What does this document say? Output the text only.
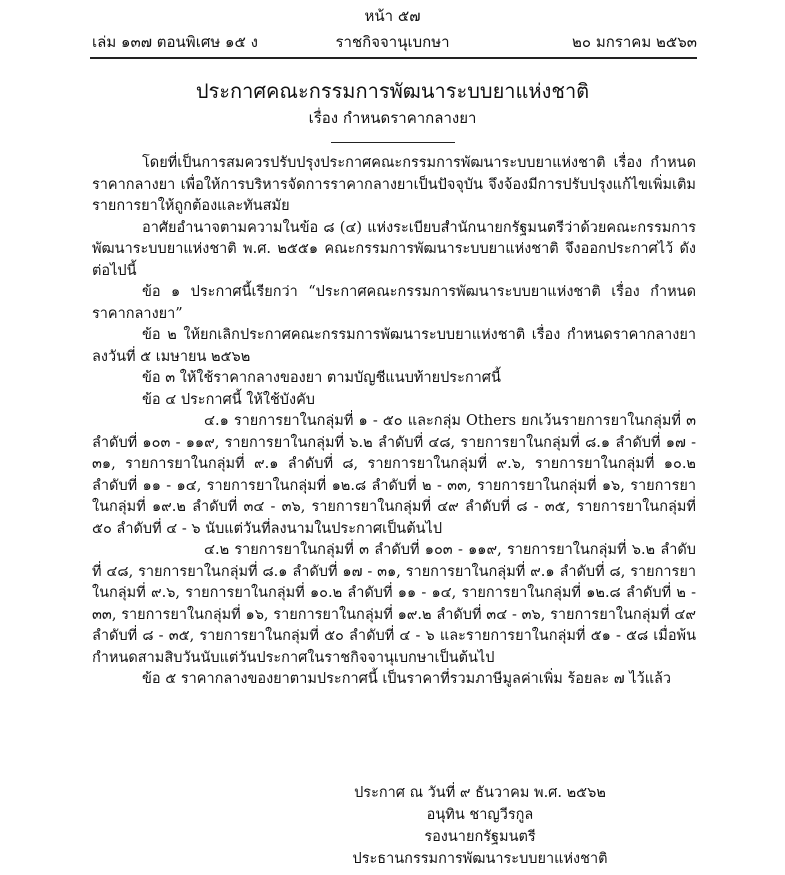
หน้า ๕๗
เล่ม ๑๓๗ ตอนพิเศษ ๑๕ ง	ราชกิจจานุเบกษา	๒๐ มกราคม ๒๕๖๓
ประกาศคณะกรรมการพัฒนาระบบยาแห่งชาติ
เรื่อง กำหนดราคากลางยา

โดยที่เป็นการสมควรปรับปรุงประกาศคณะกรรมการพัฒนาระบบยาแห่งชาติ เรื่อง กำหนดราคากลางยา เพื่อให้การบริหารจัดการราคากลางยาเป็นปัจจุบัน จึงจ้องมีการปรับปรุงแก้ไขเพิ่มเติมรายการยาให้ถูกต้องและทันสมัย

อาศัยอำนาจตามความในข้อ ๘ (๔) แห่งระเบียบสำนักนายกรัฐมนตรีว่าด้วยคณะกรรมการพัฒนาระบบยาแห่งชาติ พ.ศ. ๒๕๕๑ คณะกรรมการพัฒนาระบบยาแห่งชาติ จึงออกประกาศไว้ ดังต่อไปนี้

ข้อ ๑ ประกาศนี้เรียกว่า “ประกาศคณะกรรมการพัฒนาระบบยาแห่งชาติ เรื่อง กำหนดราคากลางยา”

ข้อ ๒ ให้ยกเลิกประกาศคณะกรรมการพัฒนาระบบยาแห่งชาติ เรื่อง กำหนดราคากลางยา ลงวันที่ ๕ เมษายน ๒๕๖๒

ข้อ ๓ ให้ใช้ราคากลางของยา ตามบัญชีแนบท้ายประกาศนี้

ข้อ ๔ ประกาศนี้ ให้ใช้บังคับ

๔.๑ รายการยาในกลุ่มที่ ๑ - ๕๐ และกลุ่ม Others ยกเว้นรายการยาในกลุ่มที่ ๓ ลำดับที่ ๑๐๓ - ๑๑๙, รายการยาในกลุ่มที่ ๖.๒ ลำดับที่ ๔๘, รายการยาในกลุ่มที่ ๘.๑ ลำดับที่ ๑๗ - ๓๑, รายการยาในกลุ่มที่ ๙.๑ ลำดับที่ ๘, รายการยาในกลุ่มที่ ๙.๖, รายการยาในกลุ่มที่ ๑๐.๒ ลำดับที่ ๑๑ - ๑๔, รายการยาในกลุ่มที่ ๑๒.๘ ลำดับที่ ๒ - ๓๓, รายการยาในกลุ่มที่ ๑๖, รายการยาในกลุ่มที่ ๑๙.๒ ลำดับที่ ๓๔ - ๓๖, รายการยาในกลุ่มที่ ๔๙ ลำดับที่ ๘ - ๓๕, รายการยาในกลุ่มที่ ๕๐ ลำดับที่ ๔ - ๖ นับแต่วันที่ลงนามในประกาศเป็นต้นไป

๔.๒ รายการยาในกลุ่มที่ ๓ ลำดับที่ ๑๐๓ - ๑๑๙, รายการยาในกลุ่มที่ ๖.๒ ลำดับที่ ๔๘, รายการยาในกลุ่มที่ ๘.๑ ลำดับที่ ๑๗ - ๓๑, รายการยาในกลุ่มที่ ๙.๑ ลำดับที่ ๘, รายการยาในกลุ่มที่ ๙.๖, รายการยาในกลุ่มที่ ๑๐.๒ ลำดับที่ ๑๑ - ๑๔, รายการยาในกลุ่มที่ ๑๒.๘ ลำดับที่ ๒ - ๓๓, รายการยาในกลุ่มที่ ๑๖, รายการยาในกลุ่มที่ ๑๙.๒ ลำดับที่ ๓๔ - ๓๖, รายการยาในกลุ่มที่ ๔๙ ลำดับที่ ๘ - ๓๕, รายการยาในกลุ่มที่ ๕๐ ลำดับที่ ๔ - ๖ และรายการยาในกลุ่มที่ ๕๑ - ๕๘ เมื่อพ้นกำหนดสามสิบวันนับแต่วันประกาศในราชกิจจานุเบกษาเป็นต้นไป

ข้อ ๕ ราคากลางของยาตามประกาศนี้ เป็นราคาที่รวมภาษีมูลค่าเพิ่ม ร้อยละ ๗ ไว้แล้ว

ประกาศ ณ วันที่ ๙ ธันวาคม พ.ศ. ๒๕๖๒
อนุทิน ชาญวีรกูล
รองนายกรัฐมนตรี
ประธานกรรมการพัฒนาระบบยาแห่งชาติ
